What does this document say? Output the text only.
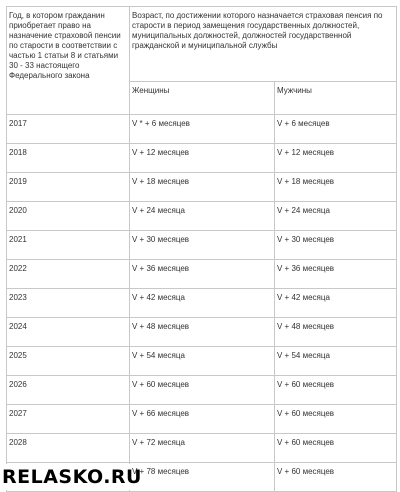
Год, в котором гражданин приобретает право на назначение страховой пенсии по старости в соответствии с частью 1 статьи 8 и статьями 30 - 33 настоящего Федерального закона	Возраст, по достижении которого назначается страховая пенсия по старости в период замещения государственных должностей, муниципальных должностей, должностей государственной гражданской и муниципальной службы	
	Женщины	Мужчины
2017	V * + 6 месяцев	V + 6 месяцев
2018	V + 12 месяцев	V + 12 месяцев
2019	V + 18 месяцев	V + 18 месяцев
2020	V + 24 месяца	V + 24 месяца
2021	V + 30 месяцев	V + 30 месяцев
2022	V + 36 месяцев	V + 36 месяцев
2023	V + 42 месяца	V + 42 месяца
2024	V + 48 месяцев	V + 48 месяцев
2025	V + 54 месяца	V + 54 месяца
2026	V + 60 месяцев	V + 60 месяцев
2027	V + 66 месяцев	V + 60 месяцев
2028	V + 72 месяца	V + 60 месяцев
	V + 78 месяцев	V + 60 месяцев
RELASKO.RU
